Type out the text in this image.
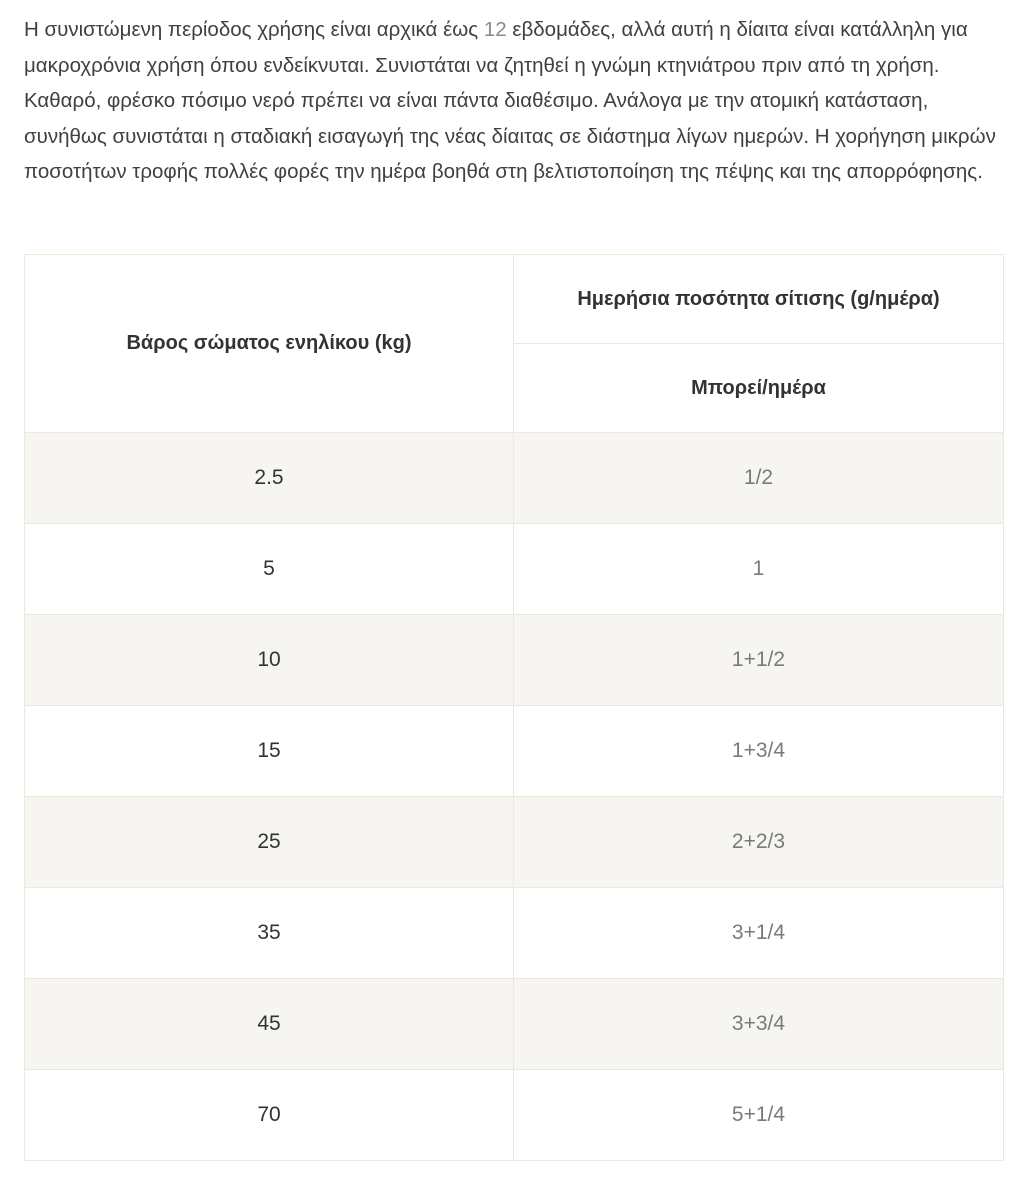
Η συνιστώμενη περίοδος χρήσης είναι αρχικά έως 12 εβδομάδες, αλλά αυτή η δίαιτα είναι κατάλληλη για μακροχρόνια χρήση όπου ενδείκνυται. Συνιστάται να ζητηθεί η γνώμη κτηνιάτρου πριν από τη χρήση. Καθαρό, φρέσκο πόσιμο νερό πρέπει να είναι πάντα διαθέσιμο. Ανάλογα με την ατομική κατάσταση, συνήθως συνιστάται η σταδιακή εισαγωγή της νέας δίαιτας σε διάστημα λίγων ημερών. Η χορήγηση μικρών ποσοτήτων τροφής πολλές φορές την ημέρα βοηθά στη βελτιστοποίηση της πέψης και της απορρόφησης.

Βάρος σώματος ενηλίκου (kg)	Ημερήσια ποσότητα σίτισης (g/ημέρα)
	Μπορεί/ημέρα
2.5	1/2
5	1
10	1+1/2
15	1+3/4
25	2+2/3
35	3+1/4
45	3+3/4
70	5+1/4
